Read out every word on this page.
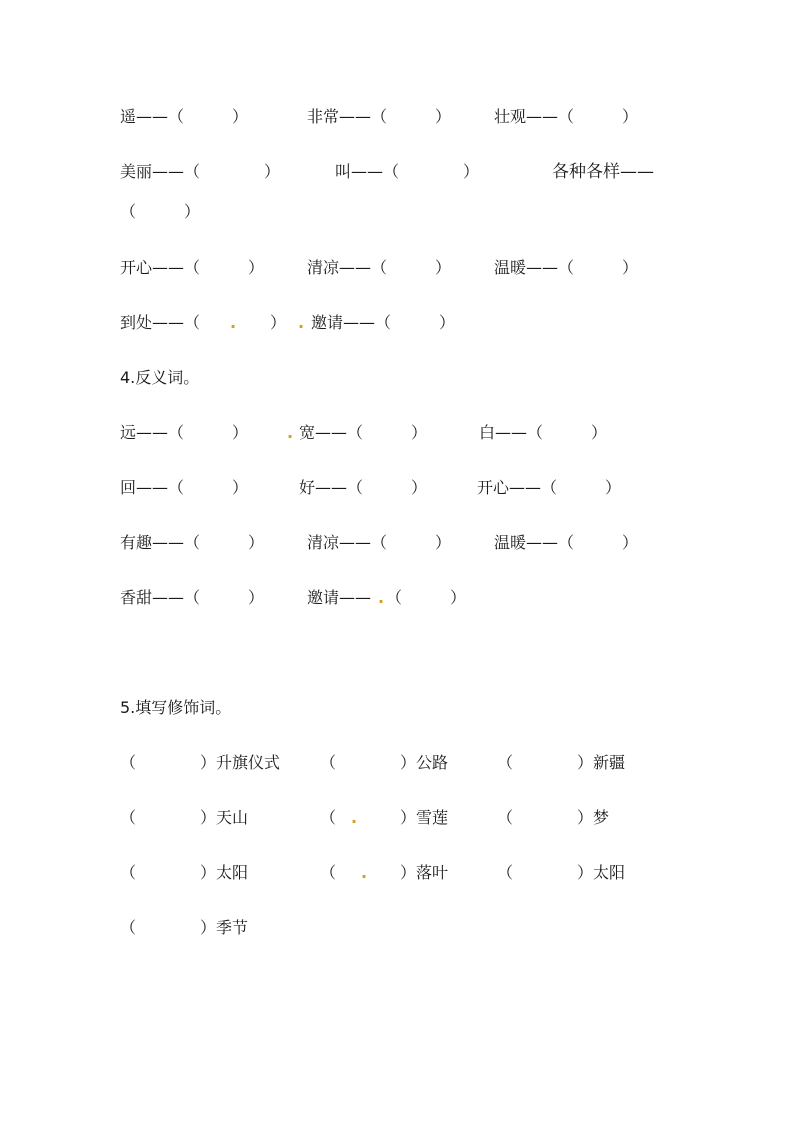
遥——（　　　）	非常——（　　　）	壮观——（　　　）
美丽——（　　　　）	叫——（　　　　）	各种各样——
（　　　）
开心——（　　　）	清凉——（　　　）	温暖——（　　　）
到处——（ . ） . 邀请——（　　　）
4.反义词。
远——（　　　） . 宽——（　　　）	白——（　　　）
回——（　　　）	好——（　　　）	开心——（　　　）
有趣——（　　　）	清凉——（　　　）	温暖——（　　　）
香甜——（　　　）	邀请—— . （　　　）
5.填写修饰词。
（　　　　）升旗仪式 （　　　　）公路	（　　　　）新疆
（　　　　）天山	（ .	）雪莲	（　　　　）梦
（　　　　）太阳	（ . ）落叶	（　　　　）太阳
（　　　　）季节
